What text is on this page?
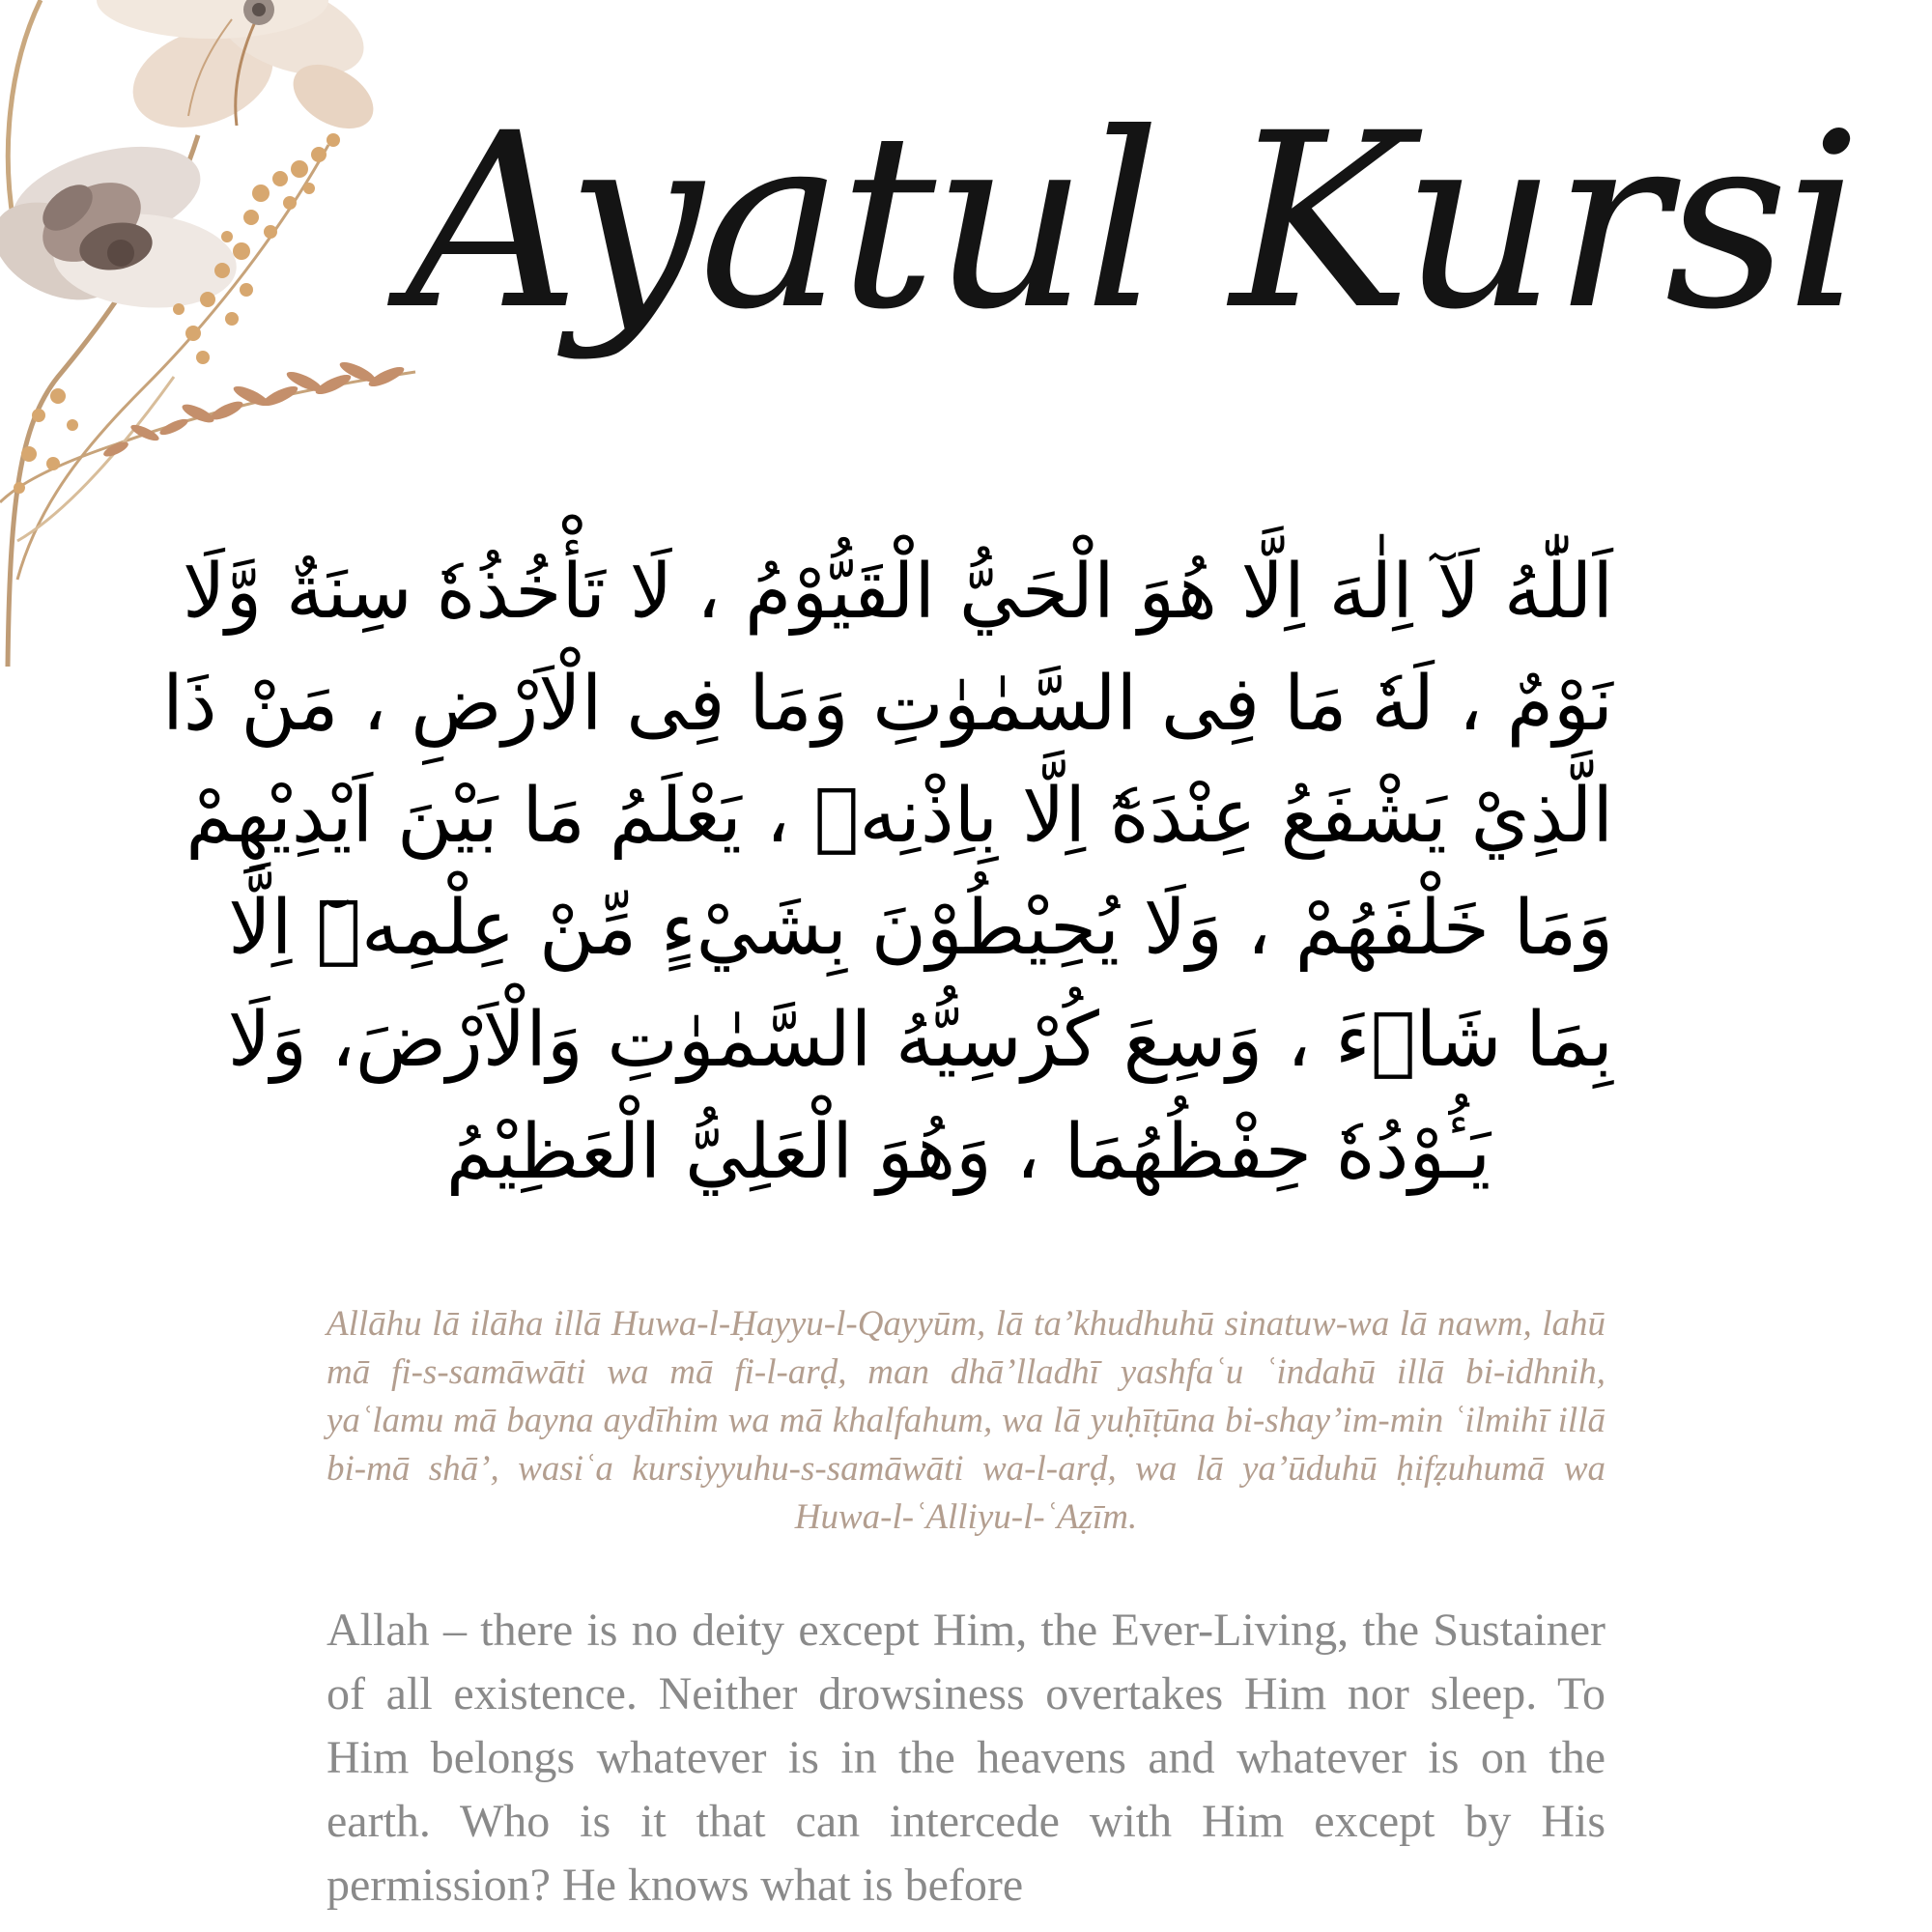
Ayatul Kursi
اَللّٰهُ لَآ اِلٰهَ اِلَّا هُوَ الْحَيُّ الْقَيُّوْمُ ، لَا تَأْخُذُهٗ سِنَةٌ وَّلَا
نَوْمٌ ، لَهٗ مَا فِى السَّمٰوٰتِ وَمَا فِى الْاَرْضِ ، مَنْ ذَا
الَّذِيْ يَشْفَعُ عِنْدَهٗٓ اِلَّا بِاِذْنِهٖ ، يَعْلَمُ مَا بَيْنَ اَيْدِيْهِمْ
وَمَا خَلْفَهُمْ ، وَلَا يُحِيْطُوْنَ بِشَيْءٍ مِّنْ عِلْمِهٖٓ اِلَّا
بِمَا شَاۤءَ ، وَسِعَ كُرْسِيُّهُ السَّمٰوٰتِ وَالْاَرْضَ، وَلَا
يَـُٔوْدُهٗ حِفْظُهُمَا ، وَهُوَ الْعَلِيُّ الْعَظِيْمُ
Allāhu lā ilāha illā Huwa-l-Ḥayyu-l-Qayyūm, lā ta’khudhuhū sinatuw-wa lā nawm, lahū mā fi-s-samāwāti wa mā fi-l-arḍ, man dhā’lladhī yashfaʿu ʿindahū illā bi-idhnih, yaʿlamu mā bayna aydīhim wa mā khalfahum, wa lā yuḥīṭūna bi-shay’im-min ʿilmihī illā bi-mā shā’, wasiʿa kursiyyuhu-s-samāwāti wa-l-arḍ, wa lā ya’ūduhū ḥifẓuhumā wa Huwa-l-ʿAlliyu-l-ʿAẓīm.
Allah – there is no deity except Him, the Ever-Living, the Sustainer of all existence. Neither drowsiness overtakes Him nor sleep. To Him belongs whatever is in the heavens and whatever is on the earth. Who is it that can intercede with Him except by His permission? He knows what is before
